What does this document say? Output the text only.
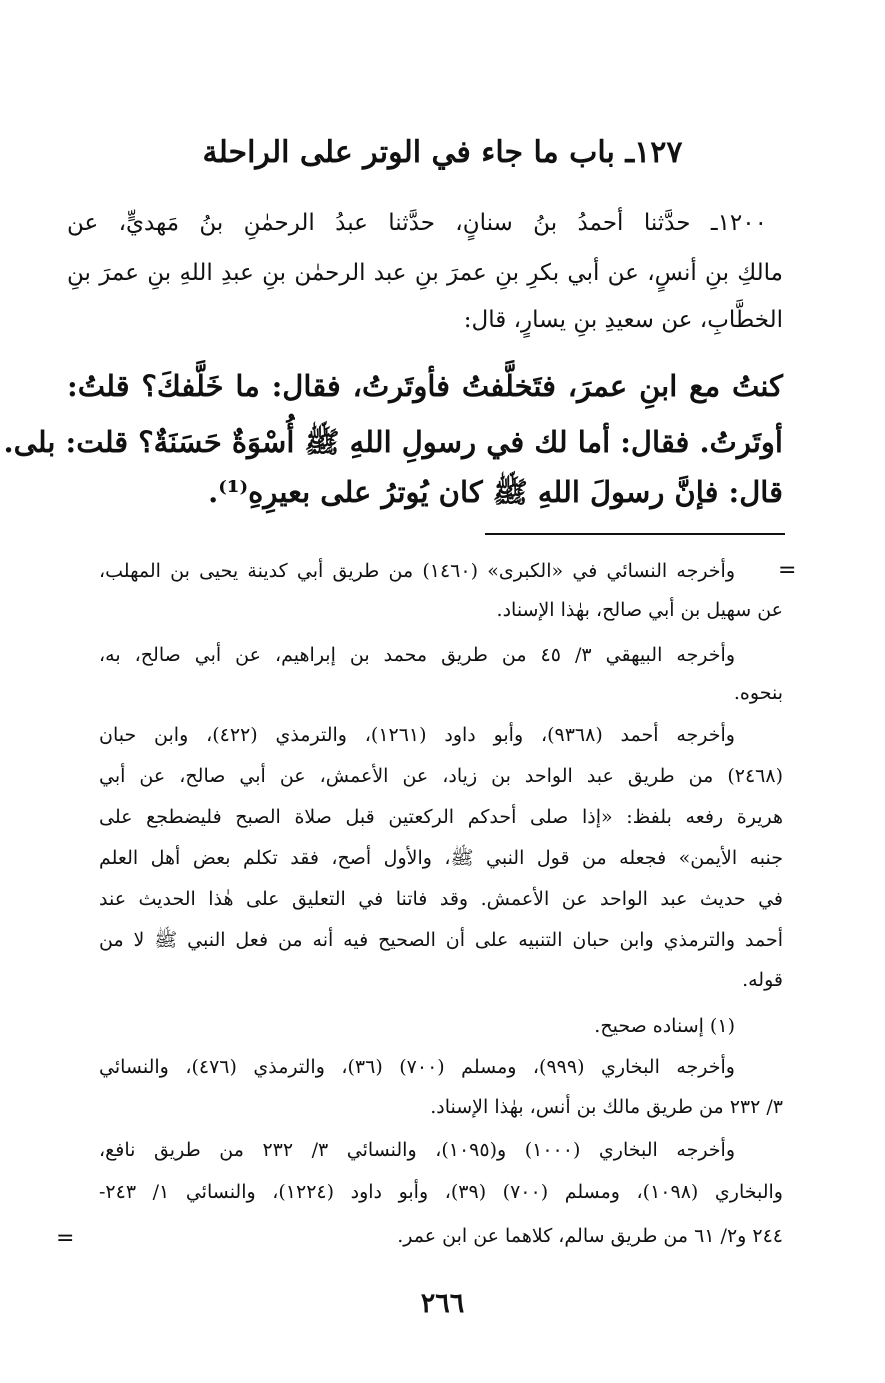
١٢٧ـ باب ما جاء في الوتر على الراحلة

١٢٠٠ـ حدَّثنا أحمدُ بنُ سنانٍ، حدَّثنا عبدُ الرحمٰنِ بنُ مَهديٍّ، عن

مالكِ بنِ أنسٍ، عن أبي بكرِ بنِ عمرَ بنِ عبد الرحمٰن بنِ عبدِ اللهِ بنِ عمرَ بنِ

الخطَّابِ، عن سعيدِ بنِ يسارٍ، قال:

كنتُ مع ابنِ عمرَ، فتَخلَّفتُ فأوتَرتُ، فقال: ما خَلَّفكَ؟ قلتُ:

أوتَرتُ. فقال: أما لك في رسولِ اللهِ ﷺ أُسْوَةٌ حَسَنَةٌ؟ قلت: بلى.

قال: فإنَّ رسولَ اللهِ ﷺ كان يُوترُ على بعيرِهِ⁽¹⁾.

=

وأخرجه النسائي في «الكبرى» (١٤٦٠) من طريق أبي كدينة يحيى بن المهلب،

عن سهيل بن أبي صالح، بهٰذا الإسناد.

وأخرجه البيهقي ٣/ ٤٥ من طريق محمد بن إبراهيم، عن أبي صالح، به،

بنحوه.

وأخرجه أحمد (٩٣٦٨)، وأبو داود (١٢٦١)، والترمذي (٤٢٢)، وابن حبان

(٢٤٦٨) من طريق عبد الواحد بن زياد، عن الأعمش، عن أبي صالح، عن أبي

هريرة رفعه بلفظ: «إذا صلى أحدكم الركعتين قبل صلاة الصبح فليضطجع على

جنبه الأيمن» فجعله من قول النبي ﷺ، والأول أصح، فقد تكلم بعض أهل العلم

في حديث عبد الواحد عن الأعمش. وقد فاتنا في التعليق على هٰذا الحديث عند

أحمد والترمذي وابن حبان التنبيه على أن الصحيح فيه أنه من فعل النبي ﷺ لا من

قوله.

(١) إسناده صحيح.

وأخرجه البخاري (٩٩٩)، ومسلم (٧٠٠) (٣٦)، والترمذي (٤٧٦)، والنسائي

٣/ ٢٣٢ من طريق مالك بن أنس، بهٰذا الإسناد.

وأخرجه البخاري (١٠٠٠) و(١٠٩٥)، والنسائي ٣/ ٢٣٢ من طريق نافع،

والبخاري (١٠٩٨)، ومسلم (٧٠٠) (٣٩)، وأبو داود (١٢٢٤)، والنسائي ١/ ٢٤٣-

٢٤٤ و٢/ ٦١ من طريق سالم، كلاهما عن ابن عمر.

=
٢٦٦
